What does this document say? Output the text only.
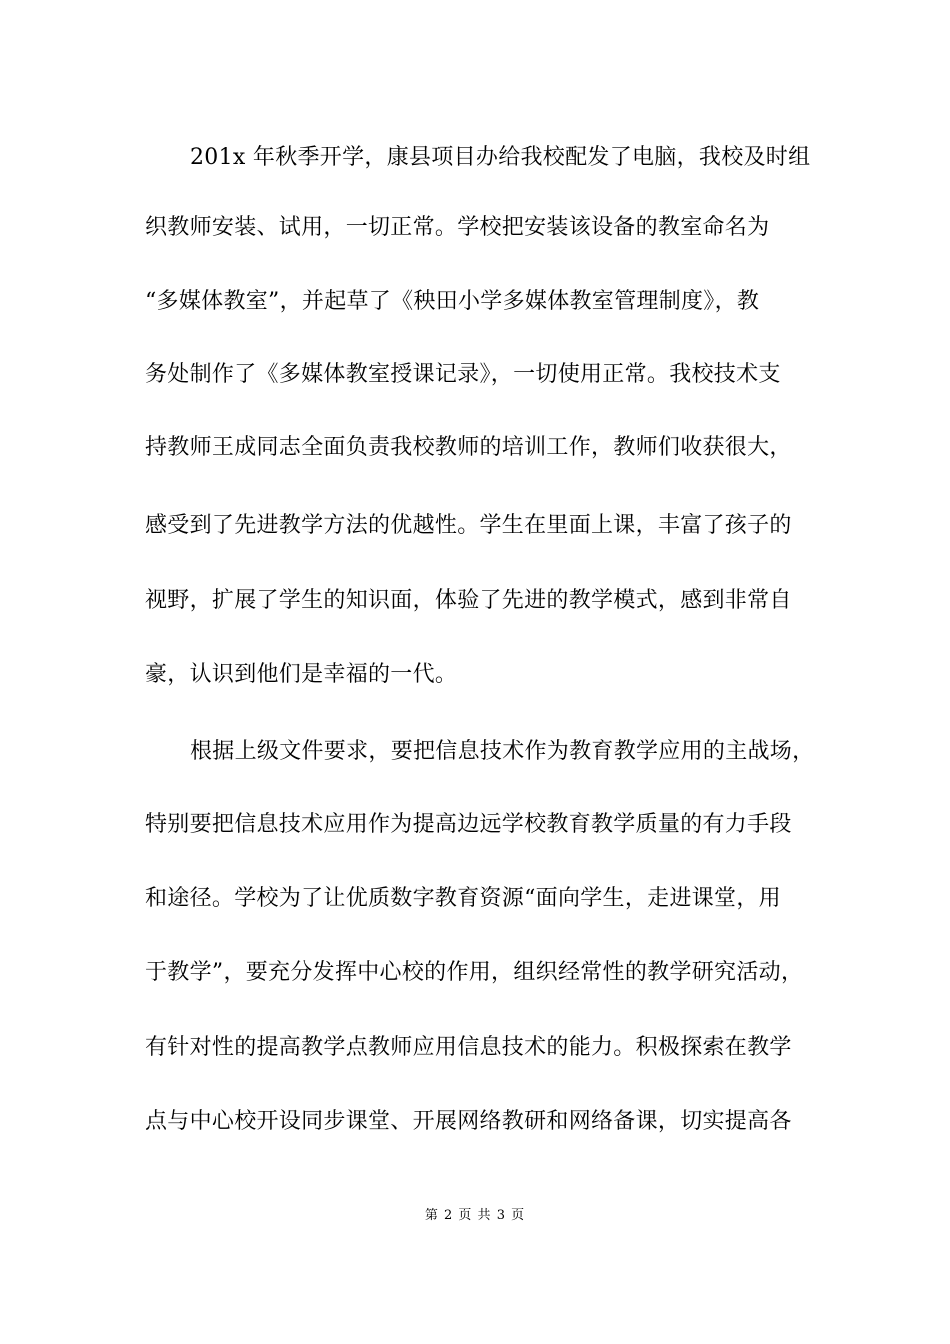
201x 年秋季开学，康县项目办给我校配发了电脑，我校及时组
织教师安装、试用，一切正常。学校把安装该设备的教室命名为
“多媒体教室”，并起草了《秧田小学多媒体教室管理制度》，教
务处制作了《多媒体教室授课记录》，一切使用正常。我校技术支
持教师王成同志全面负责我校教师的培训工作，教师们收获很大，
感受到了先进教学方法的优越性。学生在里面上课，丰富了孩子的
视野，扩展了学生的知识面，体验了先进的教学模式，感到非常自
豪，认识到他们是幸福的一代。
根据上级文件要求，要把信息技术作为教育教学应用的主战场，
特别要把信息技术应用作为提高边远学校教育教学质量的有力手段
和途径。学校为了让优质数字教育资源“面向学生，走进课堂，用
于教学”，要充分发挥中心校的作用，组织经常性的教学研究活动，
有针对性的提高教学点教师应用信息技术的能力。积极探索在教学
点与中心校开设同步课堂、开展网络教研和网络备课，切实提高各
第 2 页 共 3 页
